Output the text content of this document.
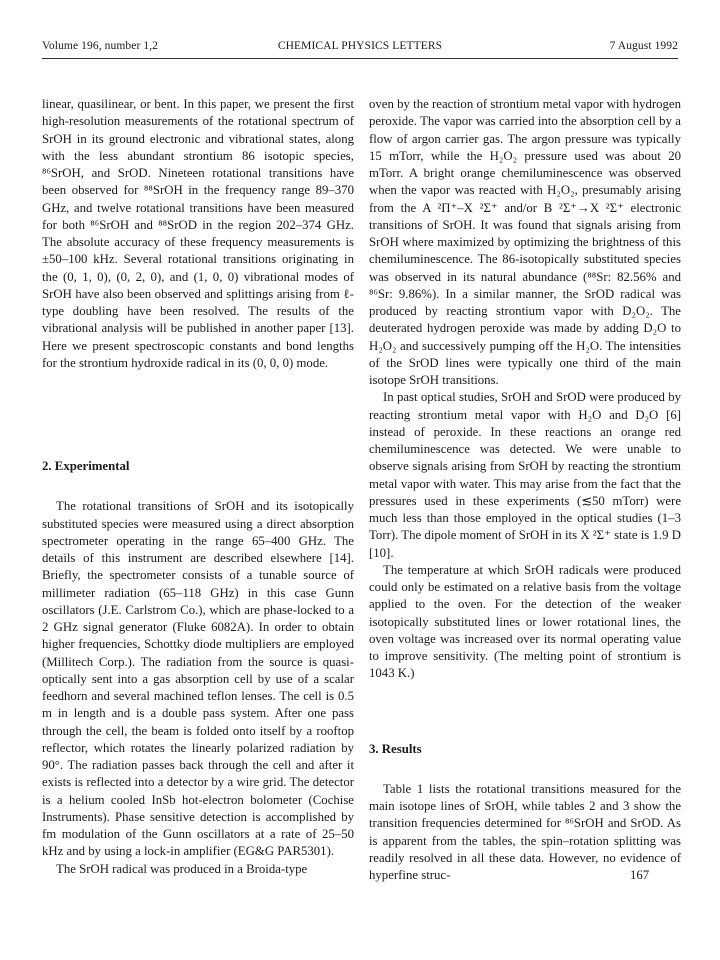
Volume 196, number 1,2	CHEMICAL PHYSICS LETTERS	7 August 1992

linear, quasilinear, or bent. In this paper, we present the first high-resolution measurements of the rotational spectrum of SrOH in its ground electronic and vibrational states, along with the less abundant strontium 86 isotopic species, ⁸⁶SrOH, and SrOD. Nineteen rotational transitions have been observed for ⁸⁸SrOH in the frequency range 89–370 GHz, and twelve rotational transitions have been measured for both ⁸⁶SrOH and ⁸⁸SrOD in the region 202–374 GHz. The absolute accuracy of these frequency measurements is ±50–100 kHz. Several rotational transitions originating in the (0, 1, 0), (0, 2, 0), and (1, 0, 0) vibrational modes of SrOH have also been observed and splittings arising from ℓ-type doubling have been resolved. The results of the vibrational analysis will be published in another paper [13]. Here we present spectroscopic constants and bond lengths for the strontium hydroxide radical in its (0, 0, 0) mode.

2. Experimental

The rotational transitions of SrOH and its isotopically substituted species were measured using a direct absorption spectrometer operating in the range 65–400 GHz. The details of this instrument are described elsewhere [14]. Briefly, the spectrometer consists of a tunable source of millimeter radiation (65–118 GHz) in this case Gunn oscillators (J.E. Carlstrom Co.), which are phase-locked to a 2 GHz signal generator (Fluke 6082A). In order to obtain higher frequencies, Schottky diode multipliers are employed (Millitech Corp.). The radiation from the source is quasi-optically sent into a gas absorption cell by use of a scalar feedhorn and several machined teflon lenses. The cell is 0.5 m in length and is a double pass system. After one pass through the cell, the beam is folded onto itself by a rooftop reflector, which rotates the linearly polarized radiation by 90°. The radiation passes back through the cell and after it exists is reflected into a detector by a wire grid. The detector is a helium cooled InSb hot-electron bolometer (Cochise Instruments). Phase sensitive detection is accomplished by fm modulation of the Gunn oscillators at a rate of 25–50 kHz and by using a lock-in amplifier (EG&G PAR5301).

The SrOH radical was produced in a Broida-type

oven by the reaction of strontium metal vapor with hydrogen peroxide. The vapor was carried into the absorption cell by a flow of argon carrier gas. The argon pressure was typically 15 mTorr, while the H₂O₂ pressure used was about 20 mTorr. A bright orange chemiluminescence was observed when the vapor was reacted with H₂O₂, presumably arising from the A ²Π⁺–X ²Σ⁺ and/or B ²Σ⁺→X ²Σ⁺ electronic transitions of SrOH. It was found that signals arising from SrOH where maximized by optimizing the brightness of this chemiluminescence. The 86-isotopically substituted species was observed in its natural abundance (⁸⁸Sr: 82.56% and ⁸⁶Sr: 9.86%). In a similar manner, the SrOD radical was produced by reacting strontium vapor with D₂O₂. The deuterated hydrogen peroxide was made by adding D₂O to H₂O₂ and successively pumping off the H₂O. The intensities of the SrOD lines were typically one third of the main isotope SrOH transitions.

In past optical studies, SrOH and SrOD were produced by reacting strontium metal vapor with H₂O and D₂O [6] instead of peroxide. In these reactions an orange red chemiluminescence was detected. We were unable to observe signals arising from SrOH by reacting the strontium metal vapor with water. This may arise from the fact that the pressures used in these experiments (≲50 mTorr) were much less than those employed in the optical studies (1–3 Torr). The dipole moment of SrOH in its X ²Σ⁺ state is 1.9 D [10].

The temperature at which SrOH radicals were produced could only be estimated on a relative basis from the voltage applied to the oven. For the detection of the weaker isotopically substituted lines or lower rotational lines, the oven voltage was increased over its normal operating value to improve sensitivity. (The melting point of strontium is 1043 K.)

3. Results

Table 1 lists the rotational transitions measured for the main isotope lines of SrOH, while tables 2 and 3 show the transition frequencies determined for ⁸⁶SrOH and SrOD. As is apparent from the tables, the spin–rotation splitting was readily resolved in all these data. However, no evidence of hyperfine struc-	167
